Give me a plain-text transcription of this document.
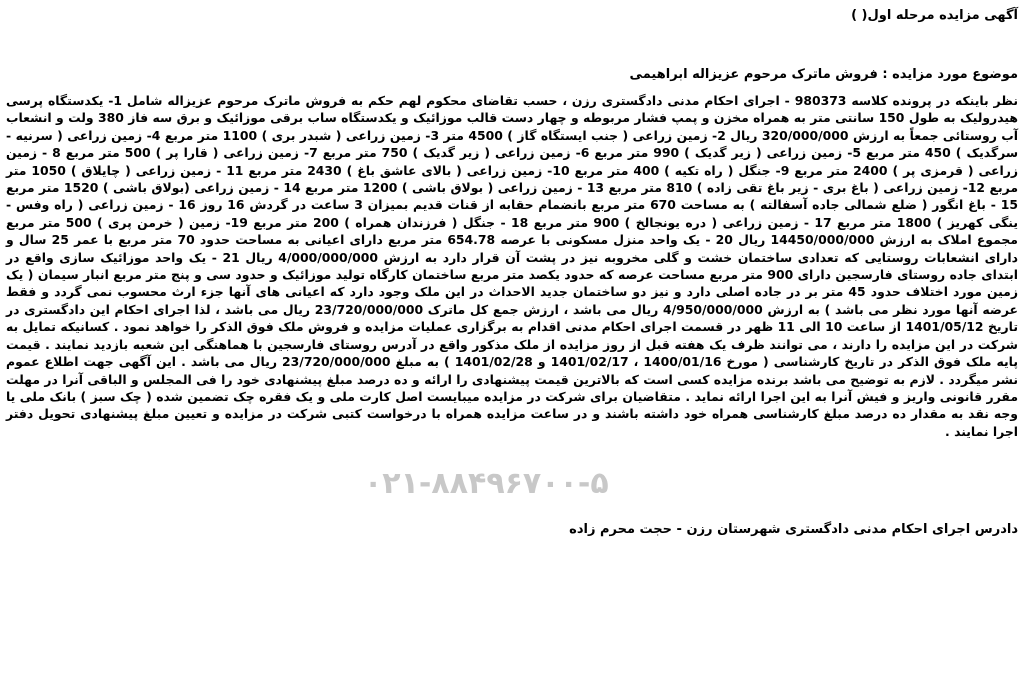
آگهی مزایده مرحله اول( )
موضوع مورد مزایده : فروش ماترک مرحوم عزیزاله ابراهیمی
نظر باینکه در پرونده کلاسه 980373 - اجرای احکام مدنی دادگستری رزن ، حسب تقاضای محکوم لهم حکم به فروش ماترک مرحوم عزیزاله شامل 1- یکدستگاه پرسی هیدرولیک به طول 150 سانتی متر به همراه مخزن و پمپ فشار مربوطه و چهار دست قالب موزائیک و یکدستگاه ساب برقی موزائیک و برق سه فاز 380 ولت و انشعاب آب روستائی جمعاً به ارزش 320/000/000 ریال 2- زمین زراعی ( جنب ایستگاه گاز ) 4500 متر 3- زمین زراعی ( شبدر بری ) 1100 متر مربع 4- زمین زراعی ( سرنیه - سرگدیک ) 450 متر مربع 5- زمین زراعی ( زیر گدیک ) 990 متر مربع 6- زمین زراعی ( زیر گدیک ) 750 متر مربع 7- زمین زراعی ( قارا پر ) 500 متر مربع 8 - زمین زراعی ( قرمزی پر ) 2400 متر مربع 9- جنگل ( راه تکیه ) 400 متر مربع 10- زمین زراعی ( بالای عاشق باغ ) 2430 متر مربع 11 - زمین زراعی ( چایلاق ) 1050 متر مربع 12- زمین زراعی ( باغ بری - زیر باغ تقی زاده ) 810 متر مربع 13 - زمین زراعی ( بولاق باشی ) 1200 متر مربع 14 - زمین زراعی (بولاق باشی ) 1520 متر مربع 15 - باغ انگور ( ضلع شمالی جاده آسفالته ) به مساحت 670 متر مربع بانضمام حقابه از قنات قدیم بمیزان 3 ساعت در گردش 16 روز 16 - زمین زراعی ( راه وفس - ینگی کهریز ) 1800 متر مربع 17 - زمین زراعی ( دره یونجالخ ) 900 متر مربع 18 - جنگل ( فرزندان همراه ) 200 متر مربع 19- زمین ( خرمن پری ) 500 متر مربع مجموع املاک به ارزش 14450/000/000 ریال 20 - یک واحد منزل مسکونی با عرصه 654.78 متر مربع دارای اعیانی به مساحت حدود 70 متر مربع با عمر 25 سال و دارای انشعابات روستایی که تعدادی ساختمان خشت و گلی مخروبه نیز در پشت آن قرار دارد به ارزش 4/000/000/000 ریال 21 - یک واحد موزائیک سازی واقع در ابتدای جاده روستای فارسجین دارای 900 متر مربع مساحت عرصه که حدود یکصد متر مربع ساختمان کارگاه تولید موزائیک و حدود سی و پنج متر مربع انبار سیمان ( یک زمین مورد اختلاف حدود 45 متر بر در جاده اصلی دارد و نیز دو ساختمان جدید الاحداث در این ملک وجود دارد که اعیانی های آنها جزء ارث محسوب نمی گردد و فقط عرضه آنها مورد نظر می باشد ) به ارزش 4/950/000/000 ریال می باشد ، ارزش جمع کل ماترک 23/720/000/000 ریال می باشد ، لذا اجرای احکام این دادگستری در تاریخ 1401/05/12 از ساعت 10 الی 11 ظهر در قسمت اجرای احکام مدنی اقدام به برگزاری عملیات مزایده و فروش ملک فوق الذکر را خواهد نمود . کسانیکه تمایل به شرکت در این مزایده را دارند ، می توانند ظرف یک هفته قبل از روز مزایده از ملک مذکور واقع در آدرس روستای فارسجین با هماهنگی این شعبه بازدید نمایند . قیمت پایه ملک فوق الذکر در تاریخ کارشناسی ( مورخ 1400/01/16 ، 1401/02/17 و 1401/02/28 ) به مبلغ 23/720/000/000 ریال می باشد . این آگهی جهت اطلاع عموم نشر میگردد . لازم به توضیح می باشد برنده مزایده کسی است که بالاترین قیمت پیشنهادی را ارائه و ده درصد مبلغ پیشنهادی خود را فی المجلس و الباقی آنرا در مهلت مقرر قانونی واریز و فیش آنرا به این اجرا ارائه نماید . متقاضیان برای شرکت در مزایده میبایست اصل کارت ملی و یک فقره چک تضمین شده ( چک سبز ) بانک ملی یا وجه نقد به مقدار ده درصد مبلغ کارشناسی همراه خود داشته باشند و در ساعت مزایده همراه با درخواست کتبی شرکت در مزایده و تعیین مبلغ پیشنهادی تحویل دفتر اجرا نمایند .
۰۲۱-۸۸۴۹۶۷۰۰-۵
دادرس اجرای احکام مدنی دادگستری شهرستان رزن - حجت محرم زاده
